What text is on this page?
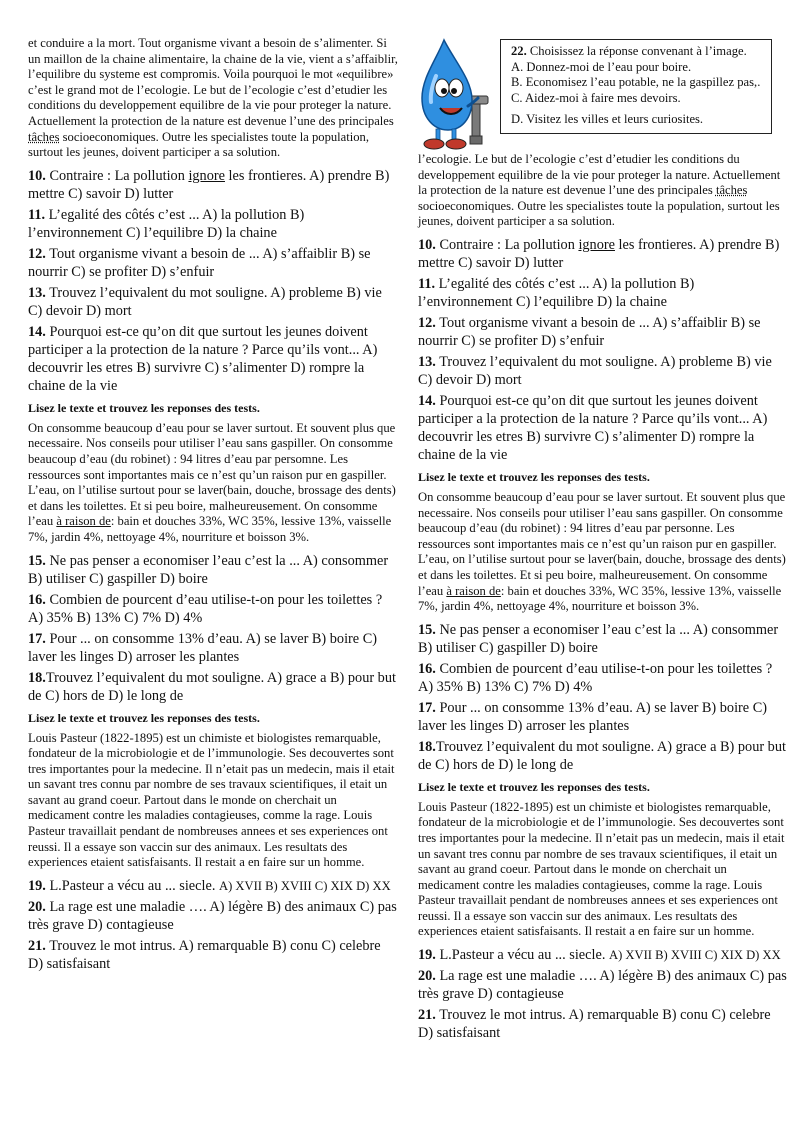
et conduire a la mort. Tout organisme vivant a besoin de s’alimenter. Si un maillon de la chaine alimentaire, la chaine de la vie, vient a s’affaiblir, l’equilibre du systeme est compromis. Voila pourquoi le mot «equilibre» c’est le grand mot de l’ecologie. Le but de l’ecologie c’est d’etudier les conditions du developpement equilibre de la vie pour proteger la nature. Actuellement la protection de la nature est devenue l’une des principales tâches socioeconomiques. Outre les specialistes toute la population, surtout les jeunes, doivent participer a sa solution.

10. Contraire : La pollution ignore les frontieres. A) prendre B) mettre C) savoir D) lutter

11. L’egalité des côtés c’est ... A) la pollution B) l’environnement C) l’equilibre D) la chaine

12. Tout organisme vivant a besoin de ... A) s’affaiblir B) se nourrir C) se profiter D) s’enfuir

13. Trouvez l’equivalent du mot souligne. A) probleme B) vie C) devoir D) mort

14. Pourquoi est-ce qu’on dit que surtout les jeunes doivent participer a la protection de la nature ? Parce qu’ils vont... A) decouvrir les etres B) survivre C) s’alimenter D) rompre la chaine de la vie

Lisez le texte et trouvez les reponses des tests.

On consomme beaucoup d’eau pour se laver surtout. Et souvent plus que necessaire. Nos conseils pour utiliser l’eau sans gaspiller. On consomme beaucoup d’eau (du robinet) : 94 litres d’eau par persomne. Les ressources sont importantes mais ce n’est qu’un raison pur en gaspiller. L’eau, on l’utilise surtout pour se laver(bain, douche, brossage des dents) et dans les toilettes. Et si peu boire, malheureusement. On consomme l’eau à raison de: bain et douches 33%, WC 35%, lessive 13%, vaisselle 7%, jardin 4%, nettoyage 4%, nourriture et boisson 3%.

15. Ne pas penser a economiser l’eau c’est la ... A) consommer B) utiliser C) gaspiller D) boire

16. Combien de pourcent d’eau utilise-t-on pour les toilettes ? A) 35% B) 13% C) 7% D) 4%

17. Pour ... on consomme 13% d’eau. A) se laver B) boire C) laver les linges D) arroser les plantes

18.Trouvez l’equivalent du mot souligne. A) grace a B) pour but de C) hors de D) le long de

Lisez le texte et trouvez les reponses des tests.

Louis Pasteur (1822-1895) est un chimiste et biologistes remarquable, fondateur de la microbiologie et de l’immunologie. Ses decouvertes sont tres importantes pour la medecine. Il n’etait pas un medecin, mais il etait un savant tres connu par nombre de ses travaux scientifiques, il etait un savant au grand coeur. Partout dans le monde on cherchait un medicament contre les maladies contagieuses, comme la rage. Louis Pasteur travaillait pendant de nombreuses annees et ses experiences ont reussi. Il a essaye son vaccin sur des animaux. Les resultats des experiences etaient satisfaisants. Il restait a en faire sur un homme.

19. L.Pasteur a vécu au ... siecle. A) XVII B) XVIII C) XIX D) XX

20. La rage est une maladie …. A) légère B) des animaux C) pas très grave D) contagieuse

21. Trouvez le mot intrus. A) remarquable B) conu C) celebre D) satisfaisant

22. Choisissez la réponse convenant à l’image.

A. Donnez-moi de l’eau pour boire.

B. Economisez l’eau potable, ne la gaspillez pas,.

C. Aidez-moi à faire mes devoirs.

D. Visitez les villes et leurs curiosites.

l’ecologie. Le but de l’ecologie c’est d’etudier les conditions du developpement equilibre de la vie pour proteger la nature. Actuellement la protection de la nature est devenue l’une des principales tâches socioeconomiques. Outre les specialistes toute la population, surtout les jeunes, doivent participer a sa solution.

10. Contraire : La pollution ignore les frontieres. A) prendre B) mettre C) savoir D) lutter

11. L’egalité des côtés c’est ... A) la pollution B) l’environnement C) l’equilibre D) la chaine

12. Tout organisme vivant a besoin de ... A) s’affaiblir B) se nourrir C) se profiter D) s’enfuir

13. Trouvez l’equivalent du mot souligne. A) probleme B) vie C) devoir D) mort

14. Pourquoi est-ce qu’on dit que surtout les jeunes doivent participer a la protection de la nature ? Parce qu’ils vont... A) decouvrir les etres B) survivre C) s’alimenter D) rompre la chaine de la vie

Lisez le texte et trouvez les reponses des tests.

On consomme beaucoup d’eau pour se laver surtout. Et souvent plus que necessaire. Nos conseils pour utiliser l’eau sans gaspiller. On consomme beaucoup d’eau (du robinet) : 94 litres d’eau par personne. Les ressources sont importantes mais ce n’est qu’un raison pur en gaspiller. L’eau, on l’utilise surtout pour se laver(bain, douche, brossage des dents) et dans les toilettes. Et si peu boire, malheureusement. On consomme l’eau à raison de: bain et douches 33%, WC 35%, lessive 13%, vaisselle 7%, jardin 4%, nettoyage 4%, nourriture et boisson 3%.

15. Ne pas penser a economiser l’eau c’est la ... A) consommer B) utiliser C) gaspiller D) boire

16. Combien de pourcent d’eau utilise-t-on pour les toilettes ? A) 35% B) 13% C) 7% D) 4%

17. Pour ... on consomme 13% d’eau. A) se laver B) boire C) laver les linges D) arroser les plantes

18.Trouvez l’equivalent du mot souligne. A) grace a B) pour but de C) hors de D) le long de

Lisez le texte et trouvez les reponses des tests.

Louis Pasteur (1822-1895) est un chimiste et biologistes remarquable, fondateur de la microbiologie et de l’immunologie. Ses decouvertes sont tres importantes pour la medecine. Il n’etait pas un medecin, mais il etait un savant tres connu par nombre de ses travaux scientifiques, il etait un savant au grand coeur. Partout dans le monde on cherchait un medicament contre les maladies contagieuses, comme la rage. Louis Pasteur travaillait pendant de nombreuses annees et ses experiences ont reussi. Il a essaye son vaccin sur des animaux. Les resultats des experiences etaient satisfaisants. Il restait a en faire sur un homme.

19. L.Pasteur a vécu au ... siecle. A) XVII B) XVIII C) XIX D) XX

20. La rage est une maladie …. A) légère B) des animaux C) pas très grave D) contagieuse

21. Trouvez le mot intrus. A) remarquable B) conu C) celebre D) satisfaisant
